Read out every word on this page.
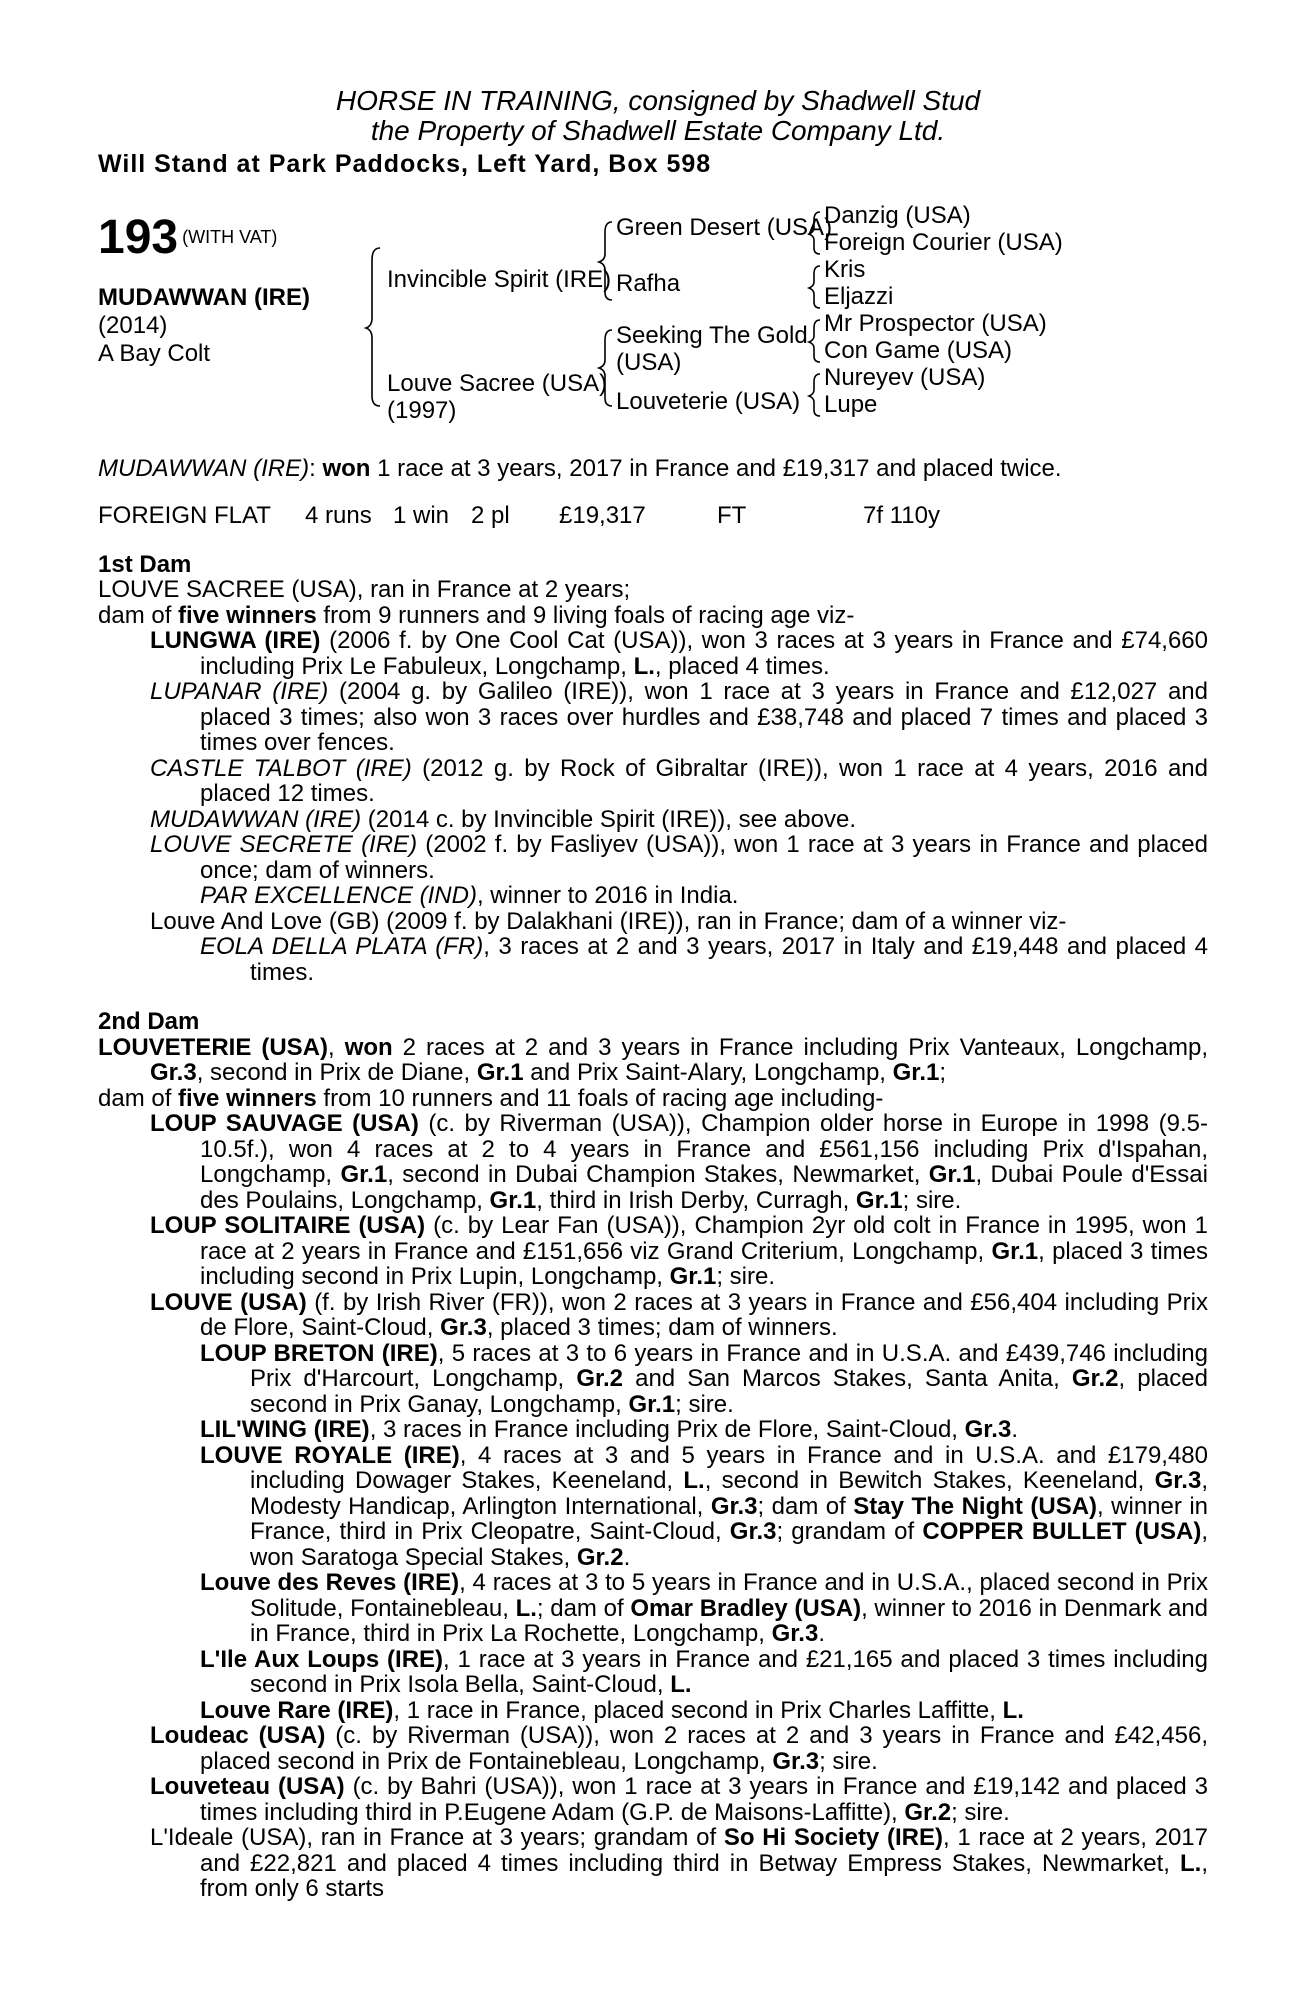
HORSE IN TRAINING, consigned by Shadwell Stud
the Property of Shadwell Estate Company Ltd.
Will Stand at Park Paddocks, Left Yard, Box 598
193 (WITH VAT)
MUDAWWAN (IRE)
(2014)
A Bay Colt
Invincible Spirit (IRE)
Louve Sacree (USA)
(1997)
Green Desert (USA)
Rafha
Seeking The Gold
(USA)
Louveterie (USA)
Danzig (USA)
Foreign Courier (USA)
Kris
Eljazzi
Mr Prospector (USA)
Con Game (USA)
Nureyev (USA)
Lupe

MUDAWWAN (IRE): won 1 race at 3 years, 2017 in France and £19,317 and placed twice.

FOREIGN FLAT 4 runs 1 win 2 pl £19,317	FT	7f 110y
1st Dam

LOUVE SACREE (USA), ran in France at 2 years;

dam of five winners from 9 runners and 9 living foals of racing age viz-

LUNGWA (IRE) (2006 f. by One Cool Cat (USA)), won 3 races at 3 years in France and £74,660 including Prix Le Fabuleux, Longchamp, L., placed 4 times.

LUPANAR (IRE) (2004 g. by Galileo (IRE)), won 1 race at 3 years in France and £12,027 and placed 3 times; also won 3 races over hurdles and £38,748 and placed 7 times and placed 3 times over fences.

CASTLE TALBOT (IRE) (2012 g. by Rock of Gibraltar (IRE)), won 1 race at 4 years, 2016 and placed 12 times.

MUDAWWAN (IRE) (2014 c. by Invincible Spirit (IRE)), see above.

LOUVE SECRETE (IRE) (2002 f. by Fasliyev (USA)), won 1 race at 3 years in France and placed once; dam of winners.

PAR EXCELLENCE (IND), winner to 2016 in India.

Louve And Love (GB) (2009 f. by Dalakhani (IRE)), ran in France; dam of a winner viz-

EOLA DELLA PLATA (FR), 3 races at 2 and 3 years, 2017 in Italy and £19,448 and placed 4 times.

2nd Dam

LOUVETERIE (USA), won 2 races at 2 and 3 years in France including Prix Vanteaux, Longchamp, Gr.3, second in Prix de Diane, Gr.1 and Prix Saint-Alary, Longchamp, Gr.1;

dam of five winners from 10 runners and 11 foals of racing age including-

LOUP SAUVAGE (USA) (c. by Riverman (USA)), Champion older horse in Europe in 1998 (9.5-10.5f.), won 4 races at 2 to 4 years in France and £561,156 including Prix d'Ispahan, Longchamp, Gr.1, second in Dubai Champion Stakes, Newmarket, Gr.1, Dubai Poule d'Essai des Poulains, Longchamp, Gr.1, third in Irish Derby, Curragh, Gr.1; sire.

LOUP SOLITAIRE (USA) (c. by Lear Fan (USA)), Champion 2yr old colt in France in 1995, won 1 race at 2 years in France and £151,656 viz Grand Criterium, Longchamp, Gr.1, placed 3 times including second in Prix Lupin, Longchamp, Gr.1; sire.

LOUVE (USA) (f. by Irish River (FR)), won 2 races at 3 years in France and £56,404 including Prix de Flore, Saint-Cloud, Gr.3, placed 3 times; dam of winners.

LOUP BRETON (IRE), 5 races at 3 to 6 years in France and in U.S.A. and £439,746 including Prix d'Harcourt, Longchamp, Gr.2 and San Marcos Stakes, Santa Anita, Gr.2, placed second in Prix Ganay, Longchamp, Gr.1; sire.

LIL'WING (IRE), 3 races in France including Prix de Flore, Saint-Cloud, Gr.3.

LOUVE ROYALE (IRE), 4 races at 3 and 5 years in France and in U.S.A. and £179,480 including Dowager Stakes, Keeneland, L., second in Bewitch Stakes, Keeneland, Gr.3, Modesty Handicap, Arlington International, Gr.3; dam of Stay The Night (USA), winner in France, third in Prix Cleopatre, Saint-Cloud, Gr.3; grandam of COPPER BULLET (USA), won Saratoga Special Stakes, Gr.2.

Louve des Reves (IRE), 4 races at 3 to 5 years in France and in U.S.A., placed second in Prix Solitude, Fontainebleau, L.; dam of Omar Bradley (USA), winner to 2016 in Denmark and in France, third in Prix La Rochette, Longchamp, Gr.3.

L'Ile Aux Loups (IRE), 1 race at 3 years in France and £21,165 and placed 3 times including second in Prix Isola Bella, Saint-Cloud, L.

Louve Rare (IRE), 1 race in France, placed second in Prix Charles Laffitte, L.

Loudeac (USA) (c. by Riverman (USA)), won 2 races at 2 and 3 years in France and £42,456, placed second in Prix de Fontainebleau, Longchamp, Gr.3; sire.

Louveteau (USA) (c. by Bahri (USA)), won 1 race at 3 years in France and £19,142 and placed 3 times including third in P.Eugene Adam (G.P. de Maisons-Laffitte), Gr.2; sire.

L'Ideale (USA), ran in France at 3 years; grandam of So Hi Society (IRE), 1 race at 2 years, 2017 and £22,821 and placed 4 times including third in Betway Empress Stakes, Newmarket, L., from only 6 starts
